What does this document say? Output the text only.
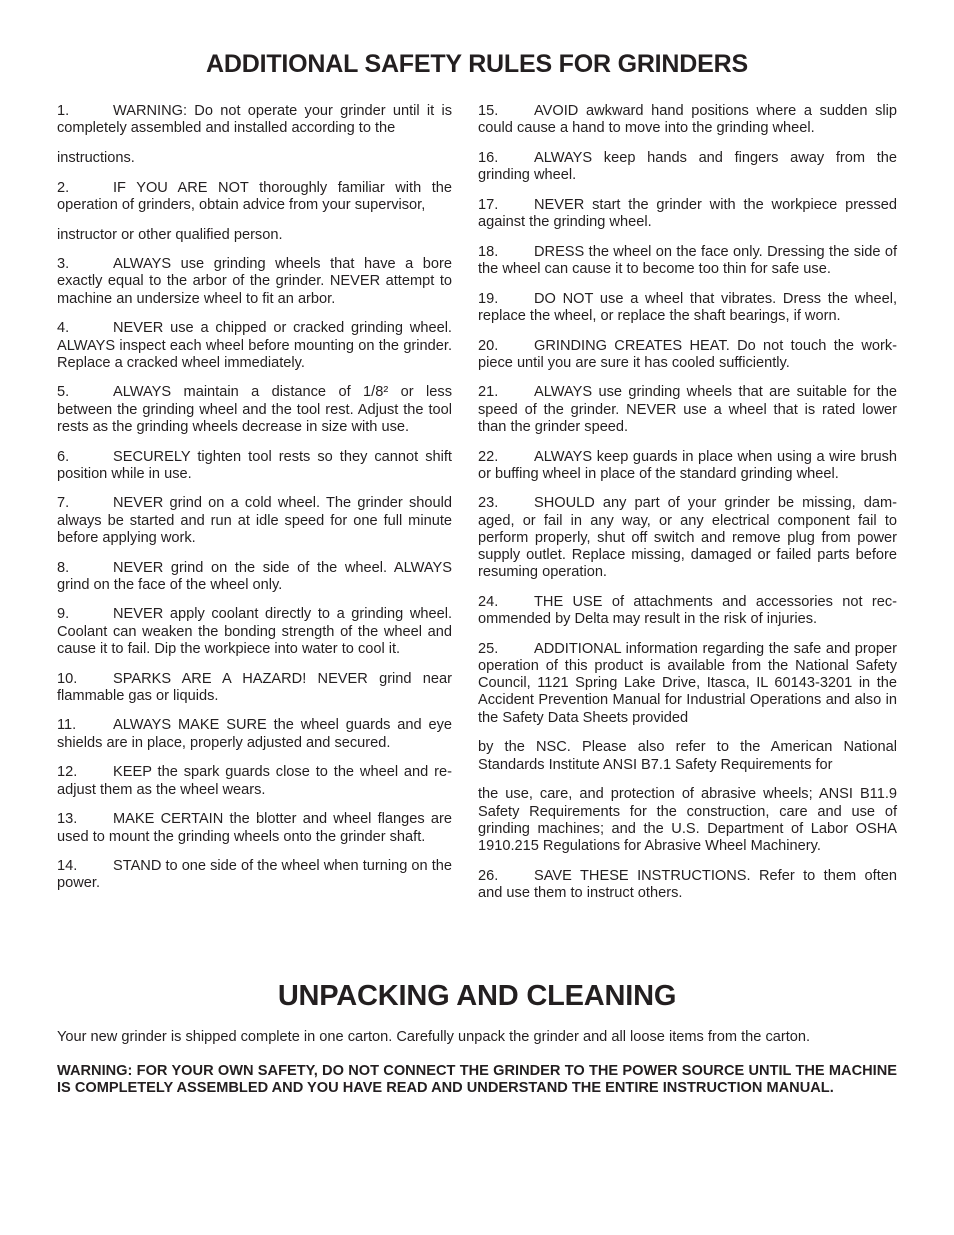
ADDITIONAL SAFETY RULES FOR GRINDERS

1.	WARNING: Do not operate your grinder until it is completely assembled and installed according to the

instructions.

2.	IF YOU ARE NOT thoroughly familiar with the operation of grinders, obtain advice from your supervisor,

instructor or other qualified person.

3.	ALWAYS use grinding wheels that have a bore exactly equal to the arbor of the grinder. NEVER attempt to machine an undersize wheel to fit an arbor.

4.	NEVER use a chipped or cracked grinding wheel. ALWAYS inspect each wheel before mounting on the grinder. Replace a cracked wheel immediately.

5.	ALWAYS maintain a distance of 1/8² or less between the grinding wheel and the tool rest. Adjust the tool rests as the grinding wheels decrease in size with use.

6.	SECURELY tighten tool rests so they cannot shift position while in use.

7.	NEVER grind on a cold wheel. The grinder should always be started and run at idle speed for one full minute before applying work.

8.	NEVER grind on the side of the wheel. ALWAYS grind on the face of the wheel only.

9.	NEVER apply coolant directly to a grinding wheel. Coolant can weaken the bonding strength of the wheel and cause it to fail. Dip the workpiece into water to cool it.

10. SPARKS ARE A HAZARD! NEVER grind near flammable gas or liquids.

11.	ALWAYS MAKE SURE the wheel guards and eye shields are in place, properly adjusted and secured.

12. KEEP the spark guards close to the wheel and re-adjust them as the wheel wears.

13. MAKE CERTAIN the blotter and wheel flanges are used to mount the grinding wheels onto the grinder shaft.

14. STAND to one side of the wheel when turning on the power.

15. AVOID awkward hand positions where a sudden slip could cause a hand to move into the grinding wheel.

16. ALWAYS keep hands and fingers away from the grinding wheel.

17. NEVER start the grinder with the workpiece pressed against the grinding wheel.

18. DRESS the wheel on the face only. Dressing the side of the wheel can cause it to become too thin for safe use.

19. DO NOT use a wheel that vibrates. Dress the wheel, replace the wheel, or replace the shaft bearings, if worn.

20. GRINDING CREATES HEAT. Do not touch the work-piece until you are sure it has cooled sufficiently.

21. ALWAYS use grinding wheels that are suitable for the speed of the grinder. NEVER use a wheel that is rated lower than the grinder speed.

22. ALWAYS keep guards in place when using a wire brush or buffing wheel in place of the standard grinding wheel.

23. SHOULD any part of your grinder be missing, dam-aged, or fail in any way, or any electrical component fail to perform properly, shut off switch and remove plug from power supply outlet. Replace missing, damaged or failed parts before resuming operation.

24. THE USE of attachments and accessories not rec-ommended by Delta may result in the risk of injuries.

25. ADDITIONAL information regarding the safe and proper operation of this product is available from the National Safety Council, 1121 Spring Lake Drive, Itasca, IL 60143-3201 in the Accident Prevention Manual for Industrial Operations and also in the Safety Data Sheets provided

by the NSC. Please also refer to the American National Standards Institute ANSI B7.1 Safety Requirements for

the use, care, and protection of abrasive wheels; ANSI B11.9 Safety Requirements for the construction, care and use of grinding machines; and the U.S. Department of Labor OSHA 1910.215 Regulations for Abrasive Wheel Machinery.

26. SAVE THESE INSTRUCTIONS. Refer to them often and use them to instruct others.

UNPACKING AND CLEANING

Your new grinder is shipped complete in one carton. Carefully unpack the grinder and all loose items from the carton.

WARNING: FOR YOUR OWN SAFETY, DO NOT CONNECT THE GRINDER TO THE POWER SOURCE UNTIL THE MACHINE IS COMPLETELY ASSEMBLED AND YOU HAVE READ AND UNDERSTAND THE ENTIRE INSTRUCTION MANUAL.
